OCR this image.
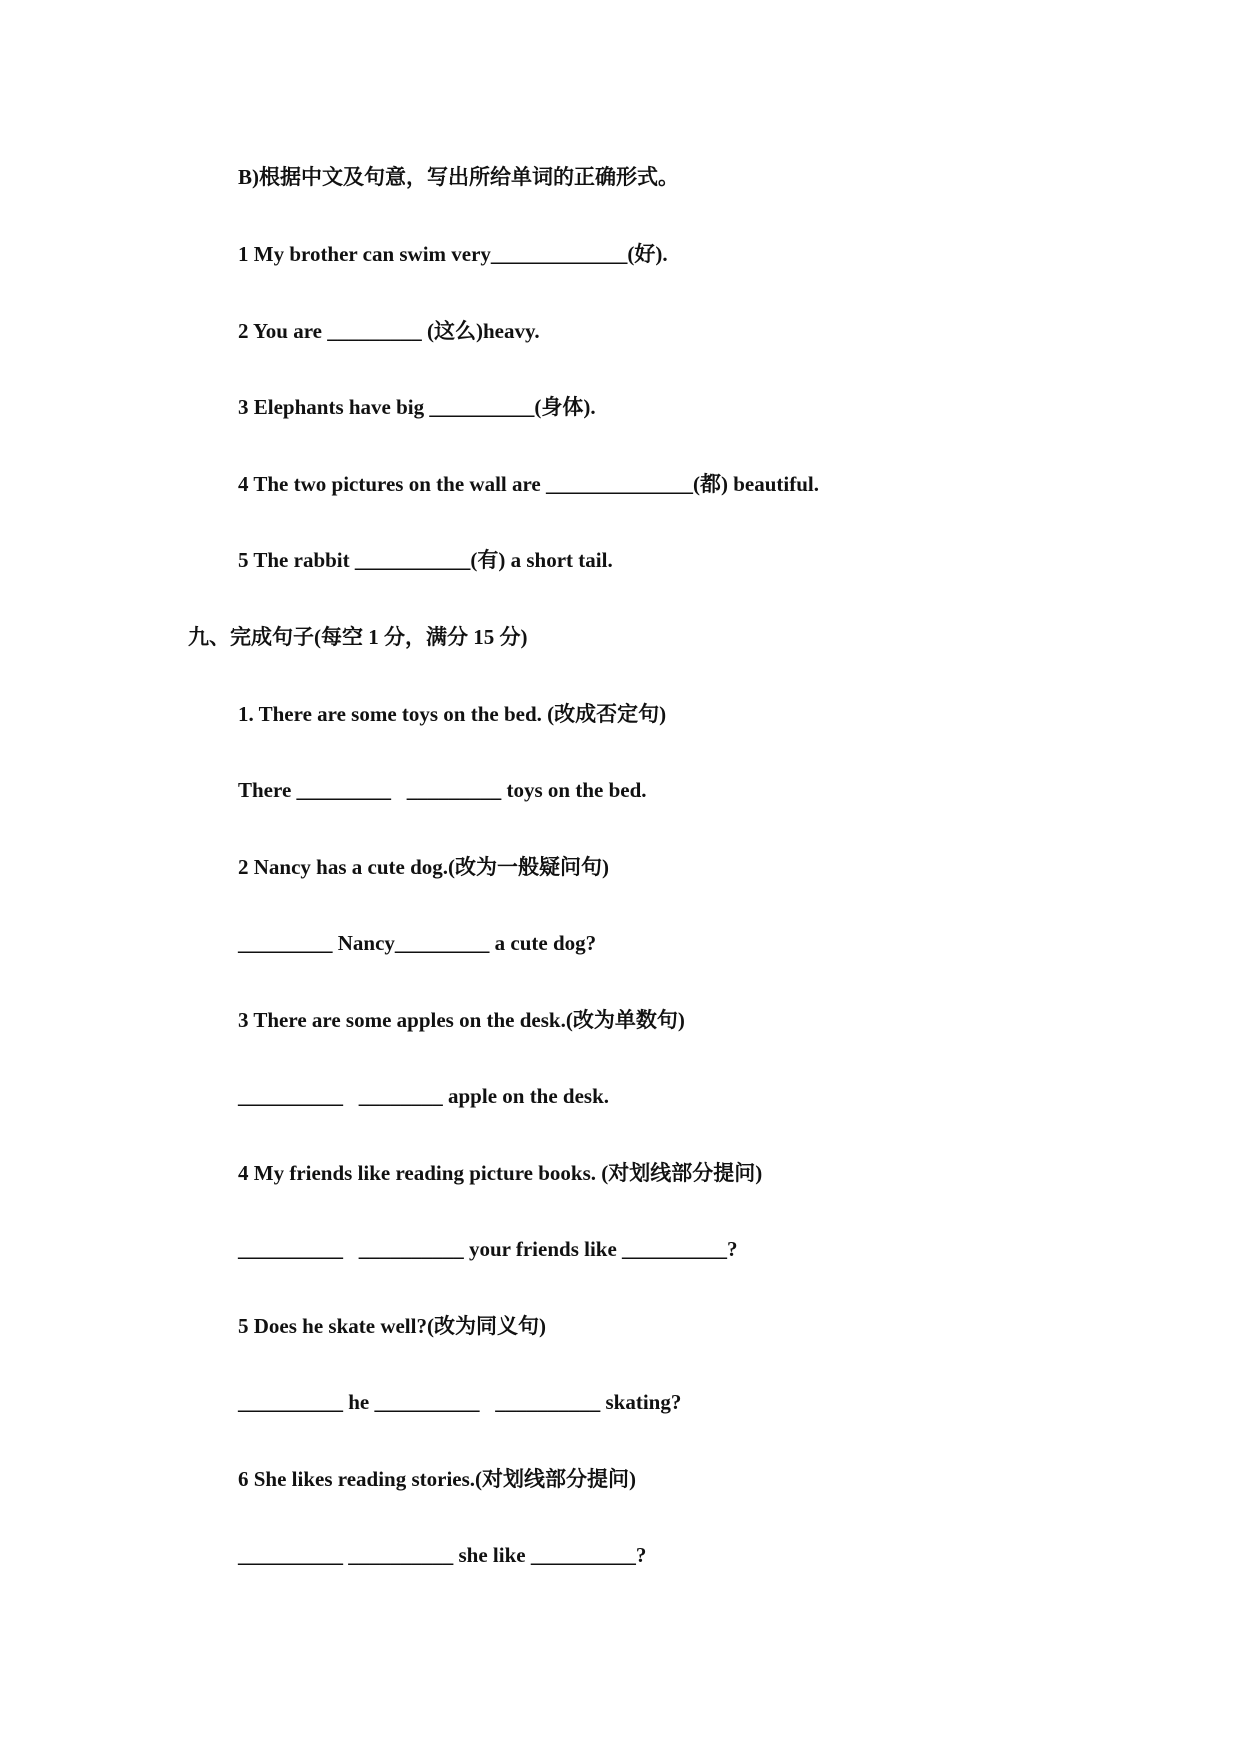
B)根据中文及句意，写出所给单词的正确形式。
1 My brother can swim very_____________(好).
2 You are _________ (这么)heavy.
3 Elephants have big __________(身体).
4 The two pictures on the wall are ______________(都) beautiful.
5 The rabbit ___________(有) a short tail.
九、完成句子(每空 1 分，满分 15 分)
1. There are some toys on the bed. (改成否定句)
There _________   _________ toys on the bed.
2 Nancy has a cute dog.(改为一般疑问句)
_________ Nancy_________ a cute dog?
3 There are some apples on the desk.(改为单数句)
__________   ________ apple on the desk.
4 My friends like reading picture books. (对划线部分提问)
__________   __________ your friends like __________?
5 Does he skate well?(改为同义句)
__________ he __________   __________ skating?
6 She likes reading stories.(对划线部分提问)
__________ __________ she like __________?
